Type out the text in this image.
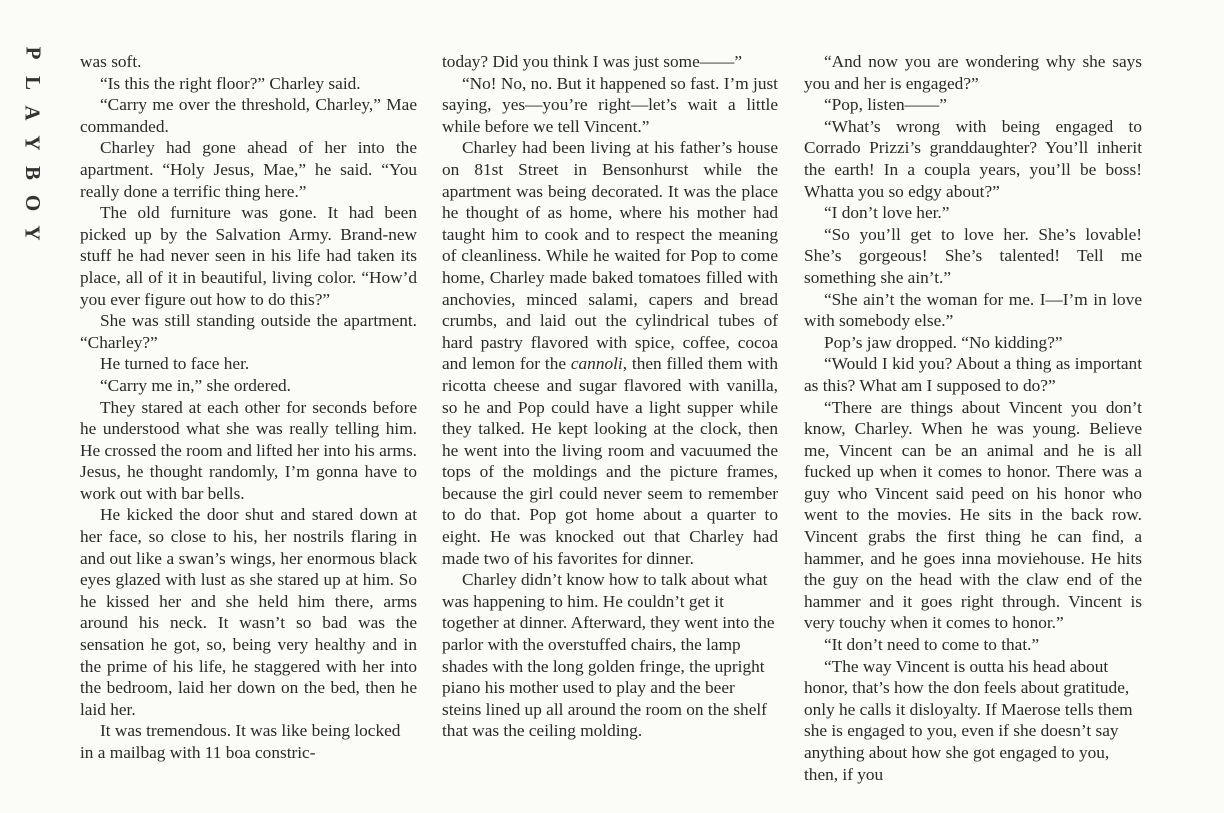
P
L
A
Y
B
O
Y

was soft.

“Is this the right floor?” Charley said.

“Carry me over the threshold, Charley,” Mae commanded.

Charley had gone ahead of her into the apartment. “Holy Jesus, Mae,” he said. “You really done a terrific thing here.”

The old furniture was gone. It had been picked up by the Salvation Army. Brand-new stuff he had never seen in his life had taken its place, all of it in beautiful, living color. “How’d you ever figure out how to do this?”

She was still standing outside the apartment. “Charley?”

He turned to face her.

“Carry me in,” she ordered.

They stared at each other for seconds before he understood what she was really telling him. He crossed the room and lifted her into his arms. Jesus, he thought randomly, I’m gonna have to work out with bar bells.

He kicked the door shut and stared down at her face, so close to his, her nostrils flaring in and out like a swan’s wings, her enormous black eyes glazed with lust as she stared up at him. So he kissed her and she held him there, arms around his neck. It wasn’t so bad was the sensation he got, so, being very healthy and in the prime of his life, he staggered with her into the bedroom, laid her down on the bed, then he laid her.

It was tremendous. It was like being locked in a mailbag with 11 boa constric-

today? Did you think I was just some——”

“No! No, no. But it happened so fast. I’m just saying, yes—you’re right—let’s wait a little while before we tell Vincent.”

Charley had been living at his father’s house on 81st Street in Bensonhurst while the apartment was being decorated. It was the place he thought of as home, where his mother had taught him to cook and to respect the meaning of cleanliness. While he waited for Pop to come home, Charley made baked tomatoes filled with anchovies, minced salami, capers and bread crumbs, and laid out the cylindrical tubes of hard pastry flavored with spice, coffee, cocoa and lemon for the cannoli, then filled them with ricotta cheese and sugar flavored with vanilla, so he and Pop could have a light supper while they talked. He kept looking at the clock, then he went into the living room and vacuumed the tops of the moldings and the picture frames, because the girl could never seem to remember to do that. Pop got home about a quarter to eight. He was knocked out that Charley had made two of his favorites for dinner.

Charley didn’t know how to talk about what was happening to him. He couldn’t get it together at dinner. Afterward, they went into the parlor with the overstuffed chairs, the lamp shades with the long golden fringe, the upright piano his mother used to play and the beer steins lined up all around the room on the shelf that was the ceiling molding.

“And now you are wondering why she says you and her is engaged?”

“Pop, listen——”

“What’s wrong with being engaged to Corrado Prizzi’s granddaughter? You’ll inherit the earth! In a coupla years, you’ll be boss! Whatta you so edgy about?”

“I don’t love her.”

“So you’ll get to love her. She’s lovable! She’s gorgeous! She’s talented! Tell me something she ain’t.”

“She ain’t the woman for me. I—I’m in love with somebody else.”

Pop’s jaw dropped. “No kidding?”

“Would I kid you? About a thing as important as this? What am I supposed to do?”

“There are things about Vincent you don’t know, Charley. When he was young. Believe me, Vincent can be an animal and he is all fucked up when it comes to honor. There was a guy who Vincent said peed on his honor who went to the movies. He sits in the back row. Vincent grabs the first thing he can find, a hammer, and he goes inna moviehouse. He hits the guy on the head with the claw end of the hammer and it goes right through. Vincent is very touchy when it comes to honor.”

“It don’t need to come to that.”

“The way Vincent is outta his head about honor, that’s how the don feels about gratitude, only he calls it disloyalty. If Maerose tells them she is engaged to you, even if she doesn’t say anything about how she got engaged to you, then, if you
